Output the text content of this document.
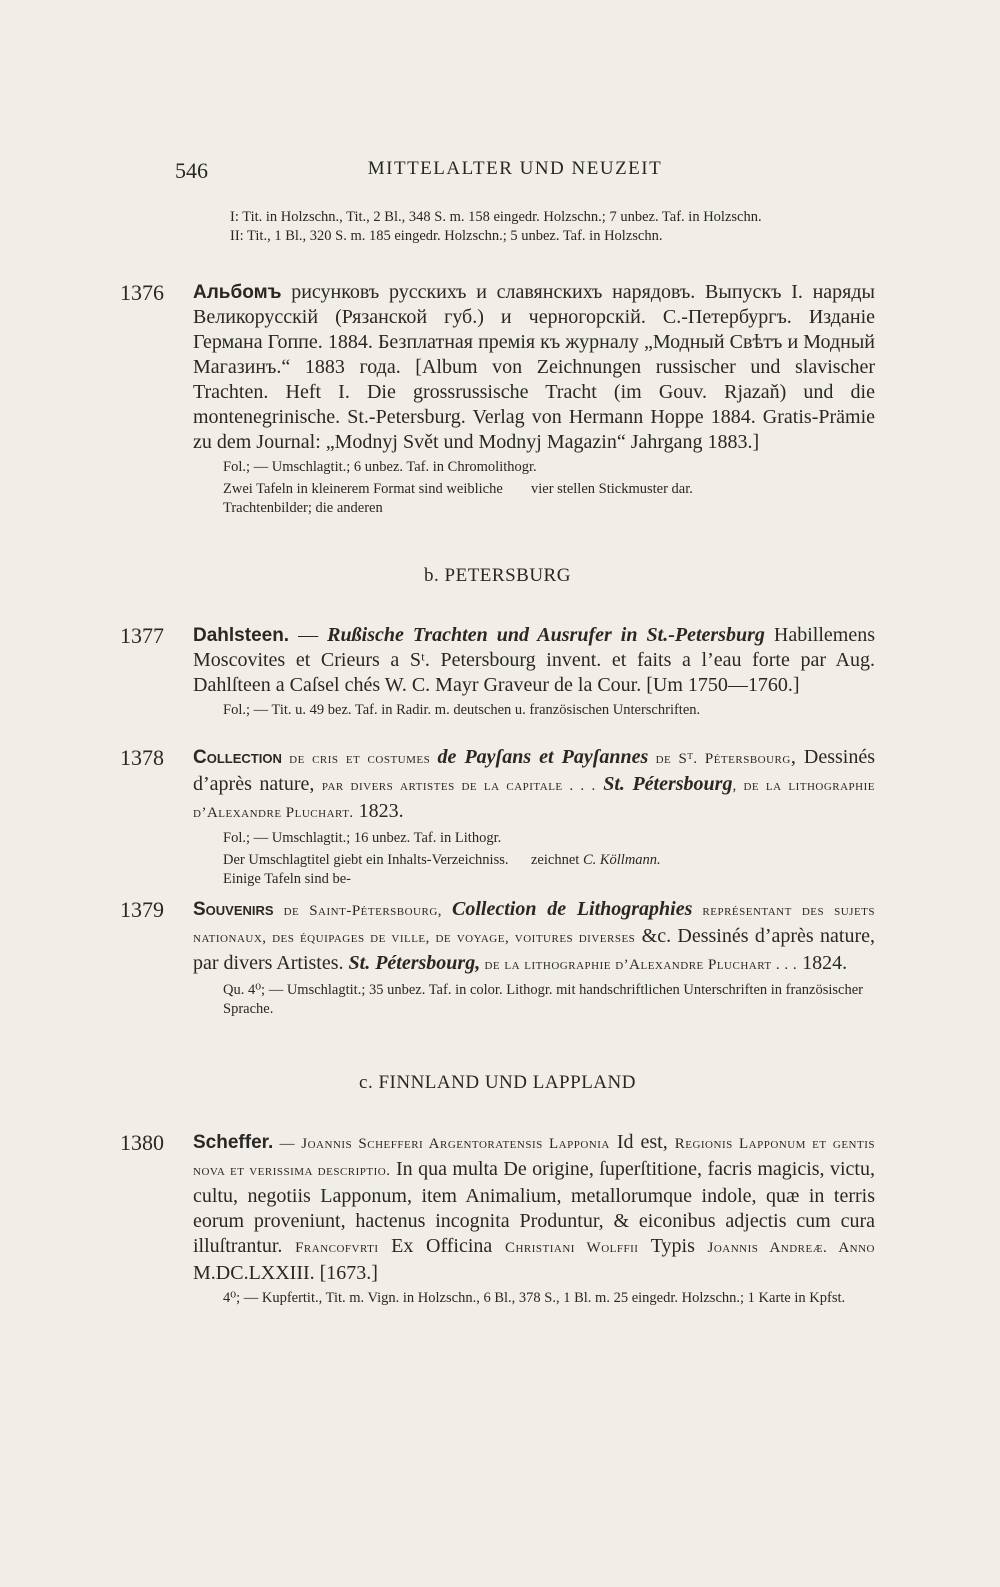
546	MITTELALTER UND NEUZEIT

I: Tit. in Holzschn., Tit., 2 Bl., 348 S. m. 158 eingedr. Holzschn.; 7 unbez. Taf. in Holzschn.

II: Tit., 1 Bl., 320 S. m. 185 eingedr. Holzschn.; 5 unbez. Taf. in Holzschn.

1376 Альбомъ рисунковъ русскихъ и славянскихъ нарядовъ. Выпускъ I. наряды Великорусскій (Рязанской губ.) и черногорскій. С.-Петербургъ. Изданіе Германа Гоппе. 1884. Безплатная премія къ журналу „Модный Свѣтъ и Модный Магазинъ.“ 1883 года. [Album von Zeichnungen russischer und slavischer Trachten. Heft I. Die grossrussische Tracht (im Gouv. Rjazaň) und die montenegrinische. St.-Petersburg. Verlag von Hermann Hoppe 1884. Gratis-Prämie zu dem Journal: „Modnyj Svět und Modnyj Magazin“ Jahrgang 1883.]
Fol.; — Umschlagtit.; 6 unbez. Taf. in Chromolithogr.
Zwei Tafeln in kleinerem Format sind weibliche Trachtenbilder; die anderen
vier stellen Stickmuster dar.
b. PETERSBURG
1377 Dahlsteen. — Rußische Trachten und Ausrufer in St.-Petersburg Habillemens Moscovites et Crieurs a Sᵗ. Petersbourg invent. et faits a l’eau forte par Aug. Dahlſteen a Caſsel chés W. C. Mayr Graveur de la Cour. [Um 1750—1760.]
Fol.; — Tit. u. 49 bez. Taf. in Radir. m. deutschen u. französischen Unterschriften.
1378 Collection de cris et costumes de Payſans et Payſannes de Sᵀ. Pétersbourg, Dessinés d’après nature, par divers artistes de la capitale . . . St. Pétersbourg, de la lithographie d’Alexandre Pluchart. 1823.
Fol.; — Umschlagtit.; 16 unbez. Taf. in Lithogr.
Der Umschlagtitel giebt ein Inhalts-Verzeichniss. Einige Tafeln sind be-
zeichnet C. Köllmann.
1379 Souvenirs de Saint-Pétersbourg, Collection de Lithographies représentant des sujets nationaux, des équipages de ville, de voyage, voitures diverses &c. Dessinés d’après nature, par divers Artistes. St. Pétersbourg, de la lithographie d’Alexandre Pluchart . . . 1824.
Qu. 4⁰; — Umschlagtit.; 35 unbez. Taf. in color. Lithogr. mit handschriftlichen Unterschriften in französischer Sprache.
c. FINNLAND UND LAPPLAND
1380 Scheffer. — Joannis Schefferi Argentoratensis Lapponia Id est, Regionis Lapponum et gentis nova et verissima descriptio. In qua multa De origine, ſuperſtitione, facris magicis, victu, cultu, negotiis Lapponum, item Animalium, metallorumque indole, quæ in terris eorum proveniunt, hactenus incognita Produntur, & eiconibus adjectis cum cura illuſtrantur. Francofvrti Ex Officina Christiani Wolffii Typis Joannis Andreæ. Anno M.DC.LXXIII. [1673.]
4⁰; — Kupfertit., Tit. m. Vign. in Holzschn., 6 Bl., 378 S., 1 Bl. m. 25 eingedr. Holzschn.; 1 Karte in Kpfst.
